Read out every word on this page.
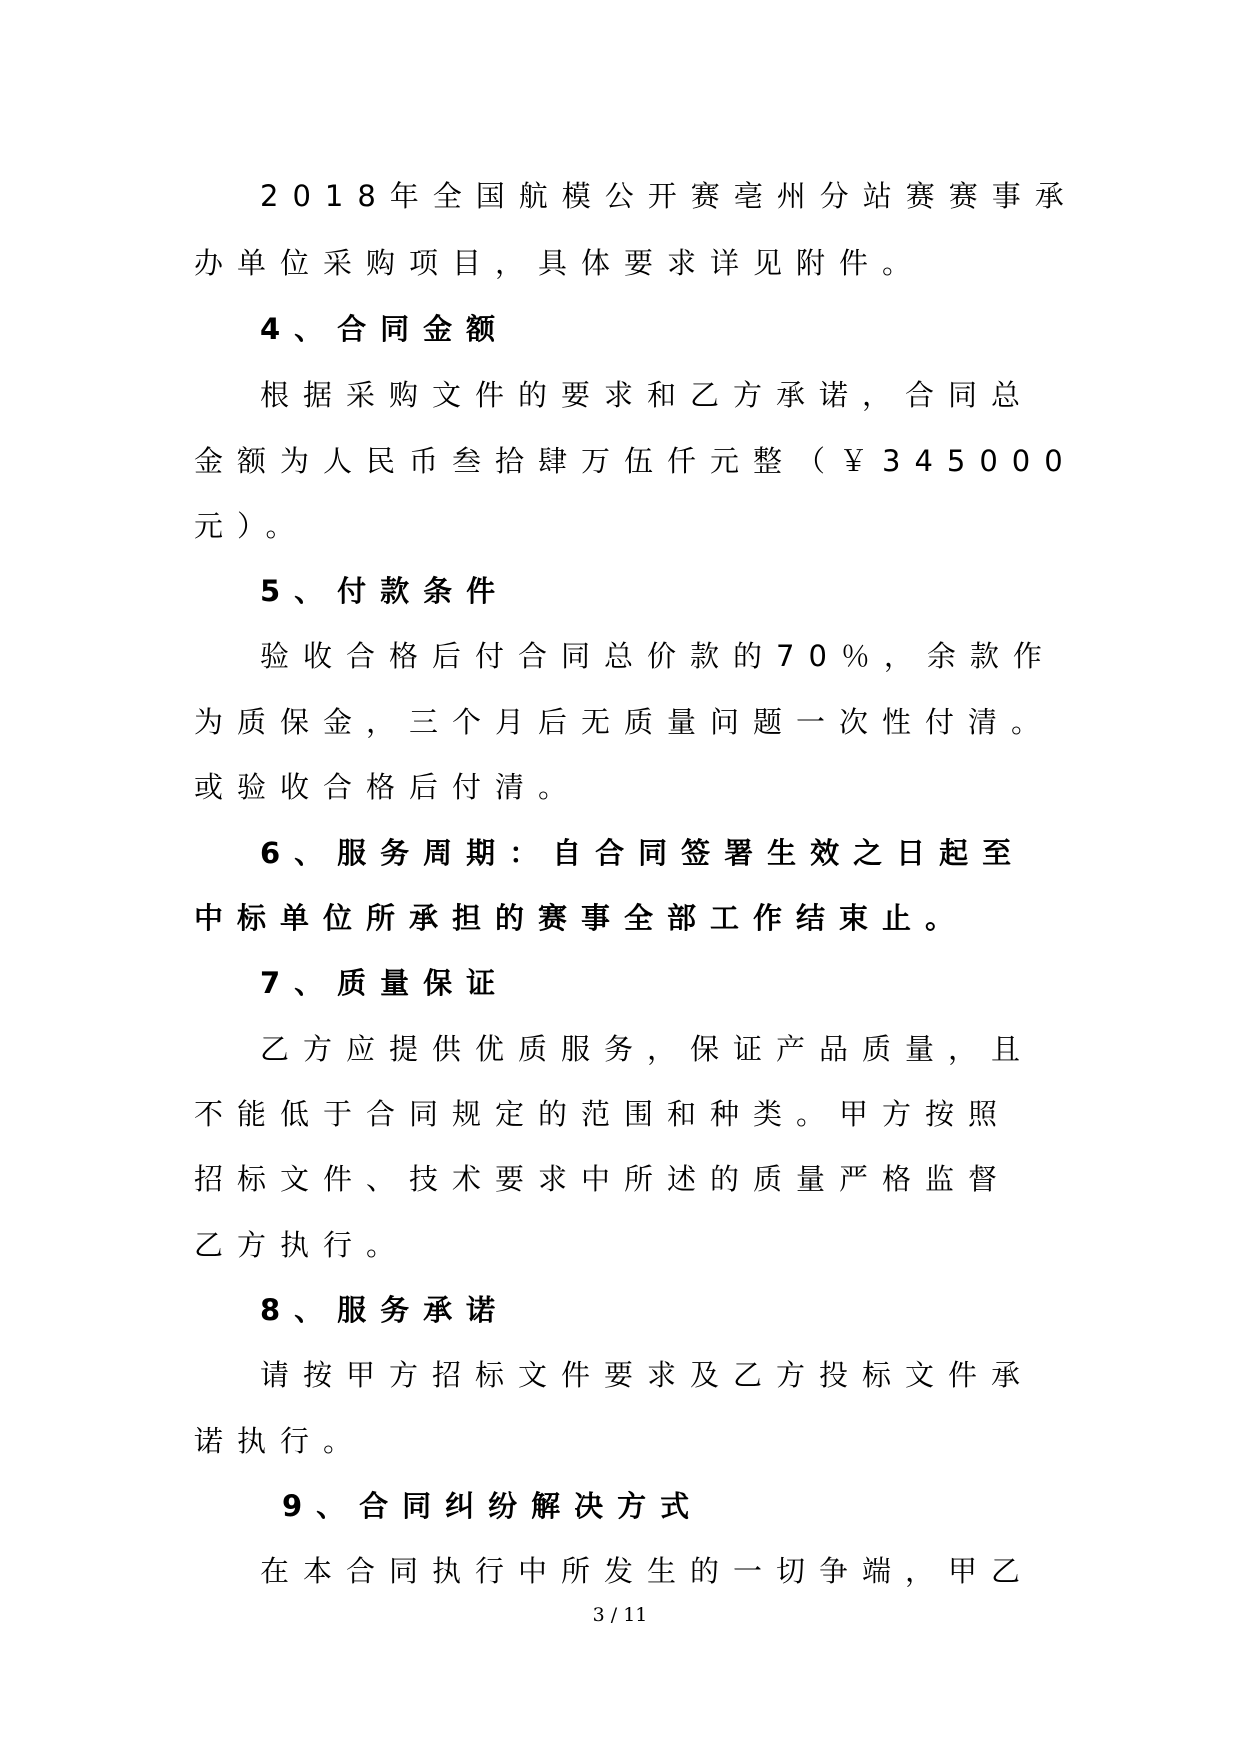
2018年全国航模公开赛亳州分站赛赛事承
办单位采购项目，具体要求详见附件。
4、合同金额
根据采购文件的要求和乙方承诺，合同总
金额为人民币叁拾肆万伍仟元整（￥345000
元）。
5、付款条件
验收合格后付合同总价款的70％，余款作
为质保金，三个月后无质量问题一次性付清。
或验收合格后付清。
6、服务周期：自合同签署生效之日起至
中标单位所承担的赛事全部工作结束止。
7、质量保证
乙方应提供优质服务，保证产品质量，且
不能低于合同规定的范围和种类。甲方按照
招标文件、技术要求中所述的质量严格监督
乙方执行。
8、服务承诺
请按甲方招标文件要求及乙方投标文件承
诺执行。
9、合同纠纷解决方式
在本合同执行中所发生的一切争端，甲乙
3 / 11
